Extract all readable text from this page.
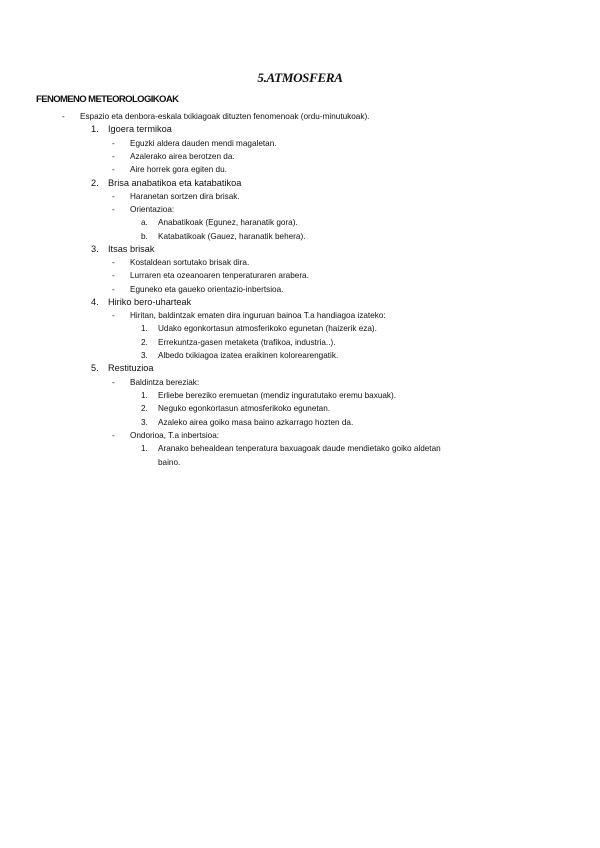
5.ATMOSFERA
FENOMENO METEOROLOGIKOAK
- Espazio eta denbora-eskala txikiagoak dituzten fenomenoak (ordu-minutukoak).
1. Igoera termikoa
- Eguzki aldera dauden mendi magaletan.
- Azalerako airea berotzen da.
- Aire horrek gora egiten du.
2. Brisa anabatikoa eta katabatikoa
- Haranetan sortzen dira brisak.
- Orientazioa:
a. Anabatikoak (Egunez, haranatik gora).
b. Katabatikoak (Gauez, haranatik behera).
3. Itsas brisak
- Kostaldean sortutako brisak dira.
- Lurraren eta ozeanoaren tenperaturaren arabera.
- Eguneko eta gaueko orientazio-inbertsioa.
4. Hiriko bero-uharteak
- Hiritan, baldintzak ematen dira inguruan bainoa T.a handiagoa izateko:
1. Udako egonkortasun atmosferikoko egunetan (haizerik eza).
2. Errekuntza-gasen metaketa (trafikoa, industria..).
3. Albedo txikiagoa izatea eraikinen kolorearengatik.
5. Restituzioa
- Baldintza bereziak:
1. Erliebe bereziko eremuetan (mendiz inguratutako eremu baxuak).
2. Neguko egonkortasun atmosferikoko egunetan.
3. Azaleko airea goiko masa baino azkarrago hozten da.
- Ondorioa, T.a inbertsioa:
1. Aranako behealdean tenperatura baxuagoak daude mendietako goiko aldetan
baino.
